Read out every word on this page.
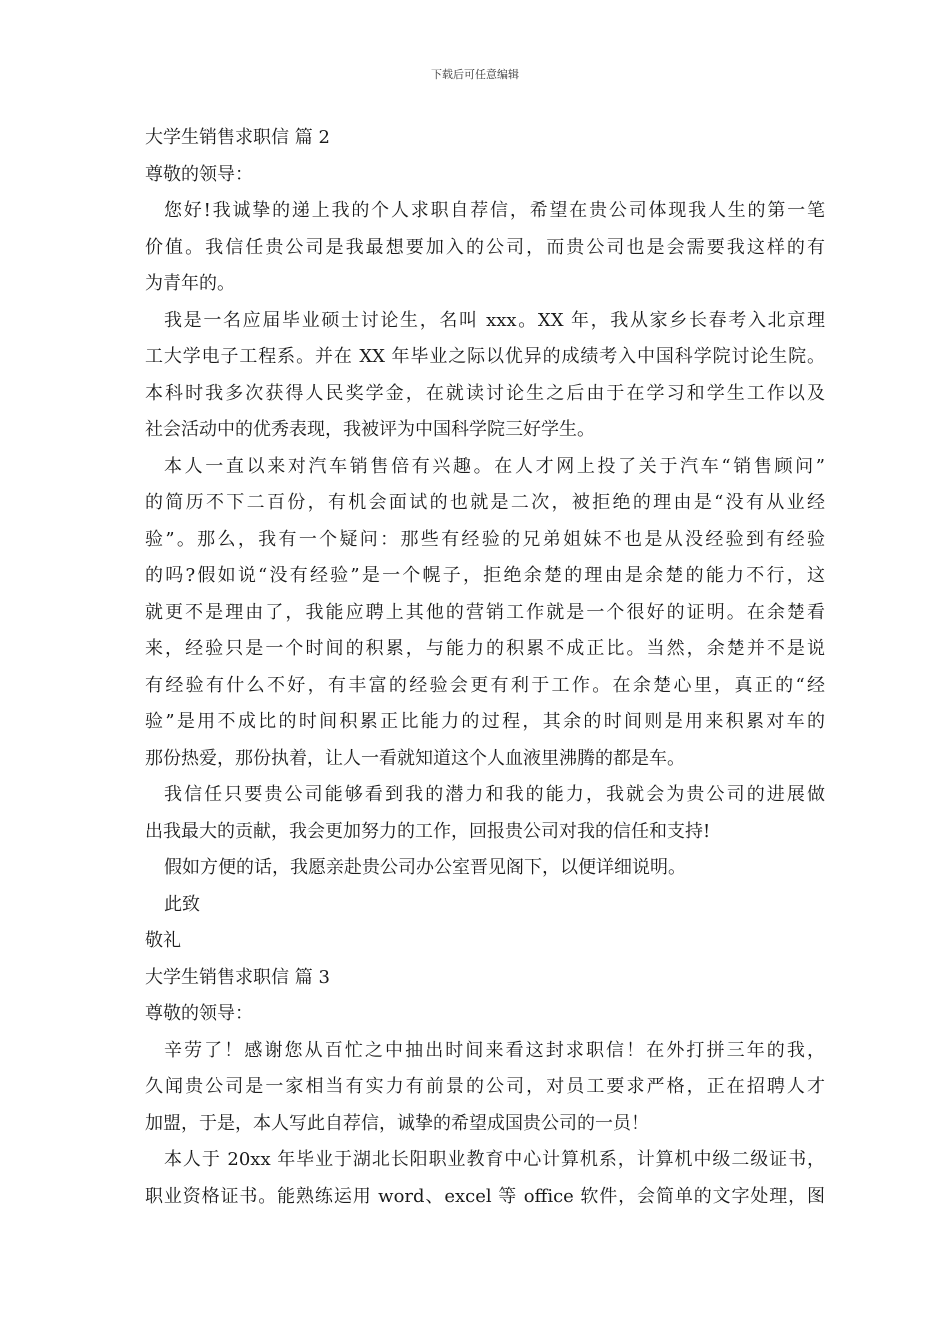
下载后可任意编辑
大学生销售求职信 篇 2
尊敬的领导：
您好!我诚挚的递上我的个人求职自荐信，希望在贵公司体现我人生的第一笔
价值。我信任贵公司是我最想要加入的公司，而贵公司也是会需要我这样的有
为青年的。
我是一名应届毕业硕士讨论生，名叫 xxx。XX 年，我从家乡长春考入北京理
工大学电子工程系。并在 XX 年毕业之际以优异的成绩考入中国科学院讨论生院。
本科时我多次获得人民奖学金，在就读讨论生之后由于在学习和学生工作以及
社会活动中的优秀表现，我被评为中国科学院三好学生。
本人一直以来对汽车销售倍有兴趣。在人才网上投了关于汽车“销售顾问”
的简历不下二百份，有机会面试的也就是二次，被拒绝的理由是“没有从业经
验”。那么，我有一个疑问：那些有经验的兄弟姐妹不也是从没经验到有经验
的吗?假如说“没有经验”是一个幌子，拒绝余楚的理由是余楚的能力不行，这
就更不是理由了，我能应聘上其他的营销工作就是一个很好的证明。在余楚看
来，经验只是一个时间的积累，与能力的积累不成正比。当然，余楚并不是说
有经验有什么不好，有丰富的经验会更有利于工作。在余楚心里，真正的“经
验”是用不成比的时间积累正比能力的过程，其余的时间则是用来积累对车的
那份热爱，那份执着，让人一看就知道这个人血液里沸腾的都是车。
我信任只要贵公司能够看到我的潜力和我的能力，我就会为贵公司的进展做
出我最大的贡献，我会更加努力的工作，回报贵公司对我的信任和支持!
假如方便的话，我愿亲赴贵公司办公室晋见阁下，以便详细说明。
此致
敬礼
大学生销售求职信 篇 3
尊敬的领导：
辛劳了！感谢您从百忙之中抽出时间来看这封求职信！在外打拼三年的我，
久闻贵公司是一家相当有实力有前景的公司，对员工要求严格，正在招聘人才
加盟，于是，本人写此自荐信，诚挚的希望成国贵公司的一员！
本人于 20xx 年毕业于湖北长阳职业教育中心计算机系，计算机中级二级证书，
职业资格证书。能熟练运用 word、excel 等 office 软件，会简单的文字处理，图
